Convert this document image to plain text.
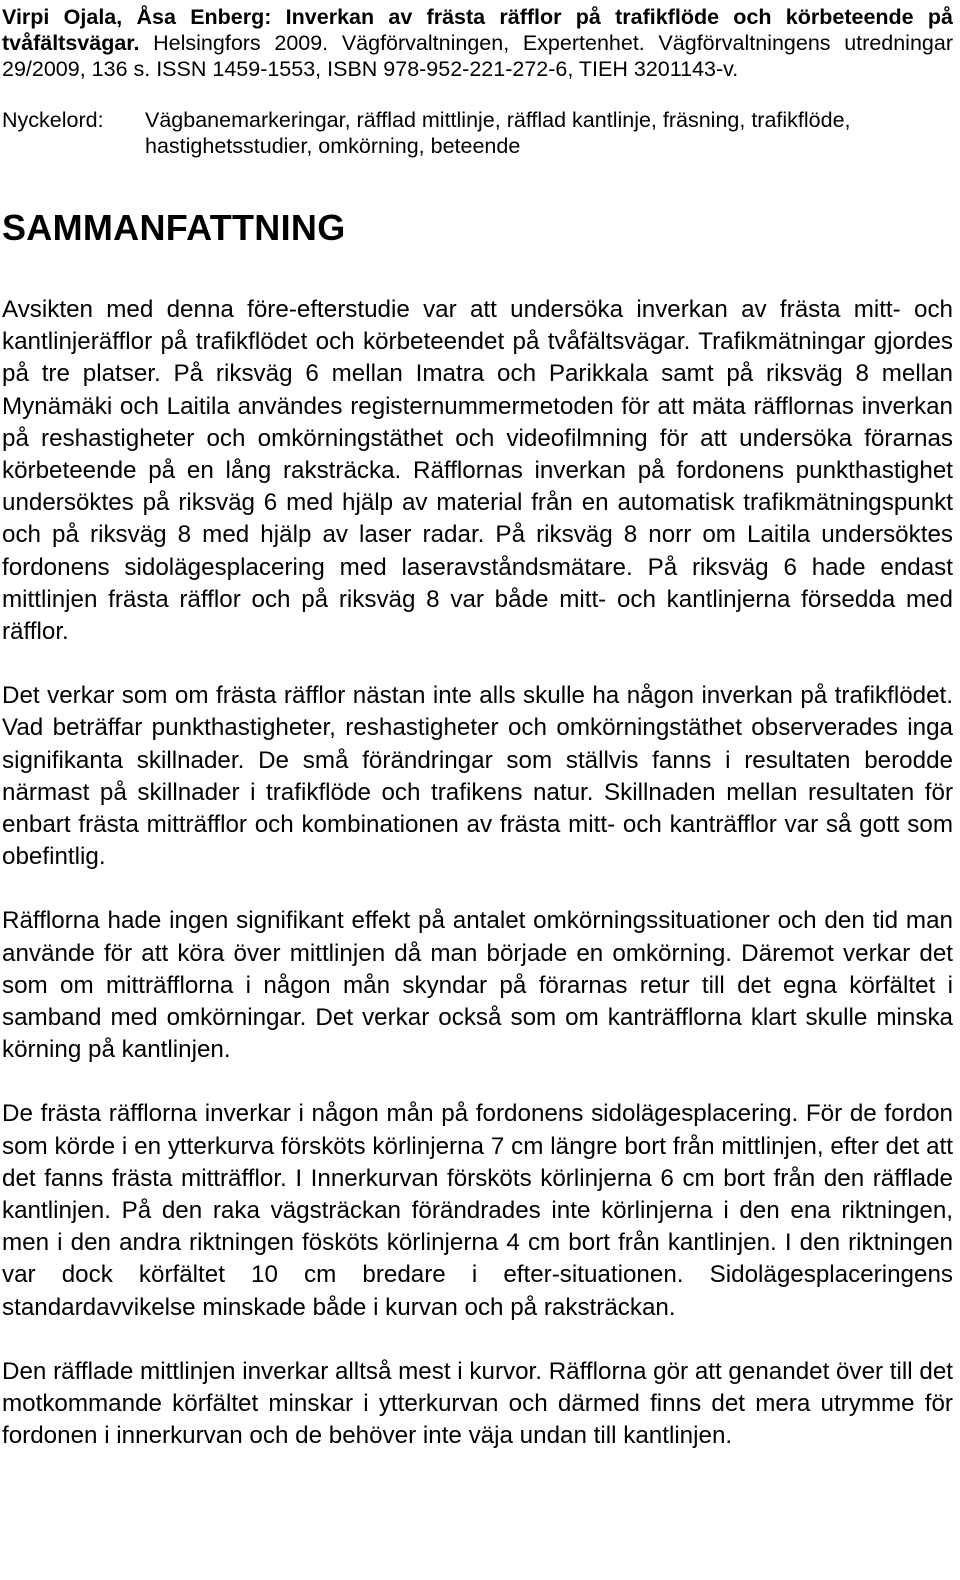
Virpi Ojala, Åsa Enberg: Inverkan av frästa räfflor på trafikflöde och körbeteende på tvåfältsvägar. Helsingfors 2009. Vägförvaltningen, Expertenhet. Vägförvaltningens utredningar 29/2009, 136 s. ISSN 1459-1553, ISBN 978-952-221-272-6, TIEH 3201143-v.

Nyckelord:	Vägbanemarkeringar, räfflad mittlinje, räfflad kantlinje, fräsning, trafikflöde, hastighetsstudier, omkörning, beteende
SAMMANFATTNING

Avsikten med denna före-efterstudie var att undersöka inverkan av frästa mitt- och kantlinjeräfflor på trafikflödet och körbeteendet på tvåfältsvägar. Trafikmätningar gjordes på tre platser. På riksväg 6 mellan Imatra och Parikkala samt på riksväg 8 mellan Mynämäki och Laitila användes registernummermetoden för att mäta räfflornas inverkan på reshastigheter och omkörningstäthet och videofilmning för att undersöka förarnas körbeteende på en lång raksträcka. Räfflornas inverkan på fordonens punkthastighet undersöktes på riksväg 6 med hjälp av material från en automatisk trafikmätningspunkt och på riksväg 8 med hjälp av laser radar. På riksväg 8 norr om Laitila undersöktes fordonens sidolägesplacering med laseravståndsmätare. På riksväg 6 hade endast mittlinjen frästa räfflor och på riksväg 8 var både mitt- och kantlinjerna försedda med räfflor.

Det verkar som om frästa räfflor nästan inte alls skulle ha någon inverkan på trafikflödet. Vad beträffar punkthastigheter, reshastigheter och omkörningstäthet observerades inga signifikanta skillnader. De små förändringar som ställvis fanns i resultaten berodde närmast på skillnader i trafikflöde och trafikens natur. Skillnaden mellan resultaten för enbart frästa mitträfflor och kombinationen av frästa mitt- och kanträfflor var så gott som obefintlig.

Räfflorna hade ingen signifikant effekt på antalet omkörningssituationer och den tid man använde för att köra över mittlinjen då man började en omkörning. Däremot verkar det som om mitträfflorna i någon mån skyndar på förarnas retur till det egna körfältet i samband med omkörningar. Det verkar också som om kanträfflorna klart skulle minska körning på kantlinjen.

De frästa räfflorna inverkar i någon mån på fordonens sidolägesplacering. För de fordon som körde i en ytterkurva försköts körlinjerna 7 cm längre bort från mittlinjen, efter det att det fanns frästa mitträfflor. I Innerkurvan försköts körlinjerna 6 cm bort från den räfflade kantlinjen. På den raka vägsträckan förändrades inte körlinjerna i den ena riktningen, men i den andra riktningen fösköts körlinjerna 4 cm bort från kantlinjen. I den riktningen var dock körfältet 10 cm bredare i efter-situationen. Sidolägesplaceringens standardavvikelse minskade både i kurvan och på raksträckan.

Den räfflade mittlinjen inverkar alltså mest i kurvor. Räfflorna gör att genandet över till det motkommande körfältet minskar i ytterkurvan och därmed finns det mera utrymme för fordonen i innerkurvan och de behöver inte väja undan till kantlinjen.
